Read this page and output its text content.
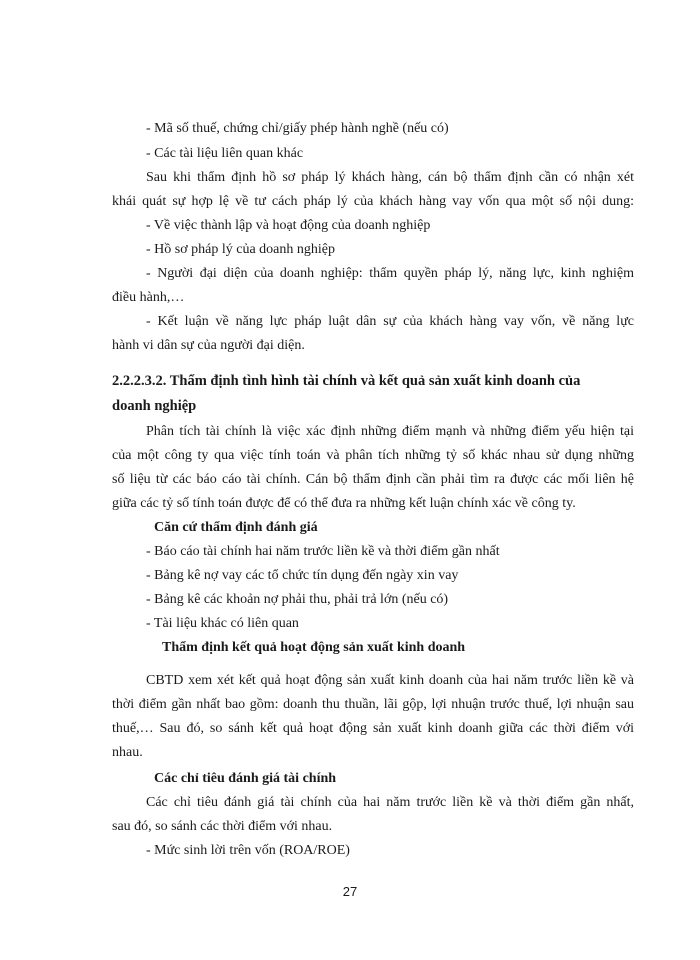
- Mã số thuế, chứng chỉ/giấy phép hành nghề (nếu có)
- Các tài liệu liên quan khác
Sau khi thẩm định hồ sơ pháp lý khách hàng, cán bộ thẩm định cần có nhận xét
khái quát sự hợp lệ về tư cách pháp lý của khách hàng vay vốn qua một số nội dung:
- Về việc thành lập và hoạt động của doanh nghiệp
- Hồ sơ pháp lý của doanh nghiệp
- Người đại diện của doanh nghiệp: thẩm quyền pháp lý, năng lực, kinh nghiệm
điều hành,…
- Kết luận về năng lực pháp luật dân sự của khách hàng vay vốn, về năng lực
hành vi dân sự của người đại diện.
2.2.2.3.2. Thẩm định tình hình tài chính và kết quả sản xuất kinh doanh của
doanh nghiệp
Phân tích tài chính là việc xác định những điểm mạnh và những điểm yếu hiện tại
của một công ty qua việc tính toán và phân tích những tỷ số khác nhau sử dụng những
số liệu từ các báo cáo tài chính. Cán bộ thẩm định cần phải tìm ra được các mối liên hệ
giữa các tỷ số tính toán được để có thể đưa ra những kết luận chính xác về công ty.
Căn cứ thẩm định đánh giá
- Báo cáo tài chính hai năm trước liền kề và thời điểm gần nhất
- Bảng kê nợ vay các tổ chức tín dụng đến ngày xin vay
- Bảng kê các khoản nợ phải thu, phải trả lớn (nếu có)
- Tài liệu khác có liên quan
Thẩm định kết quả hoạt động sản xuất kinh doanh
CBTD xem xét kết quả hoạt động sản xuất kinh doanh của hai năm trước liền kề và
thời điểm gần nhất bao gồm: doanh thu thuần, lãi gộp, lợi nhuận trước thuế, lợi nhuận sau
thuế,… Sau đó, so sánh kết quả hoạt động sản xuất kinh doanh giữa các thời điểm với
nhau.
Các chỉ tiêu đánh giá tài chính
Các chỉ tiêu đánh giá tài chính của hai năm trước liền kề và thời điểm gần nhất,
sau đó, so sánh các thời điểm với nhau.
- Mức sinh lời trên vốn (ROA/ROE)
27
